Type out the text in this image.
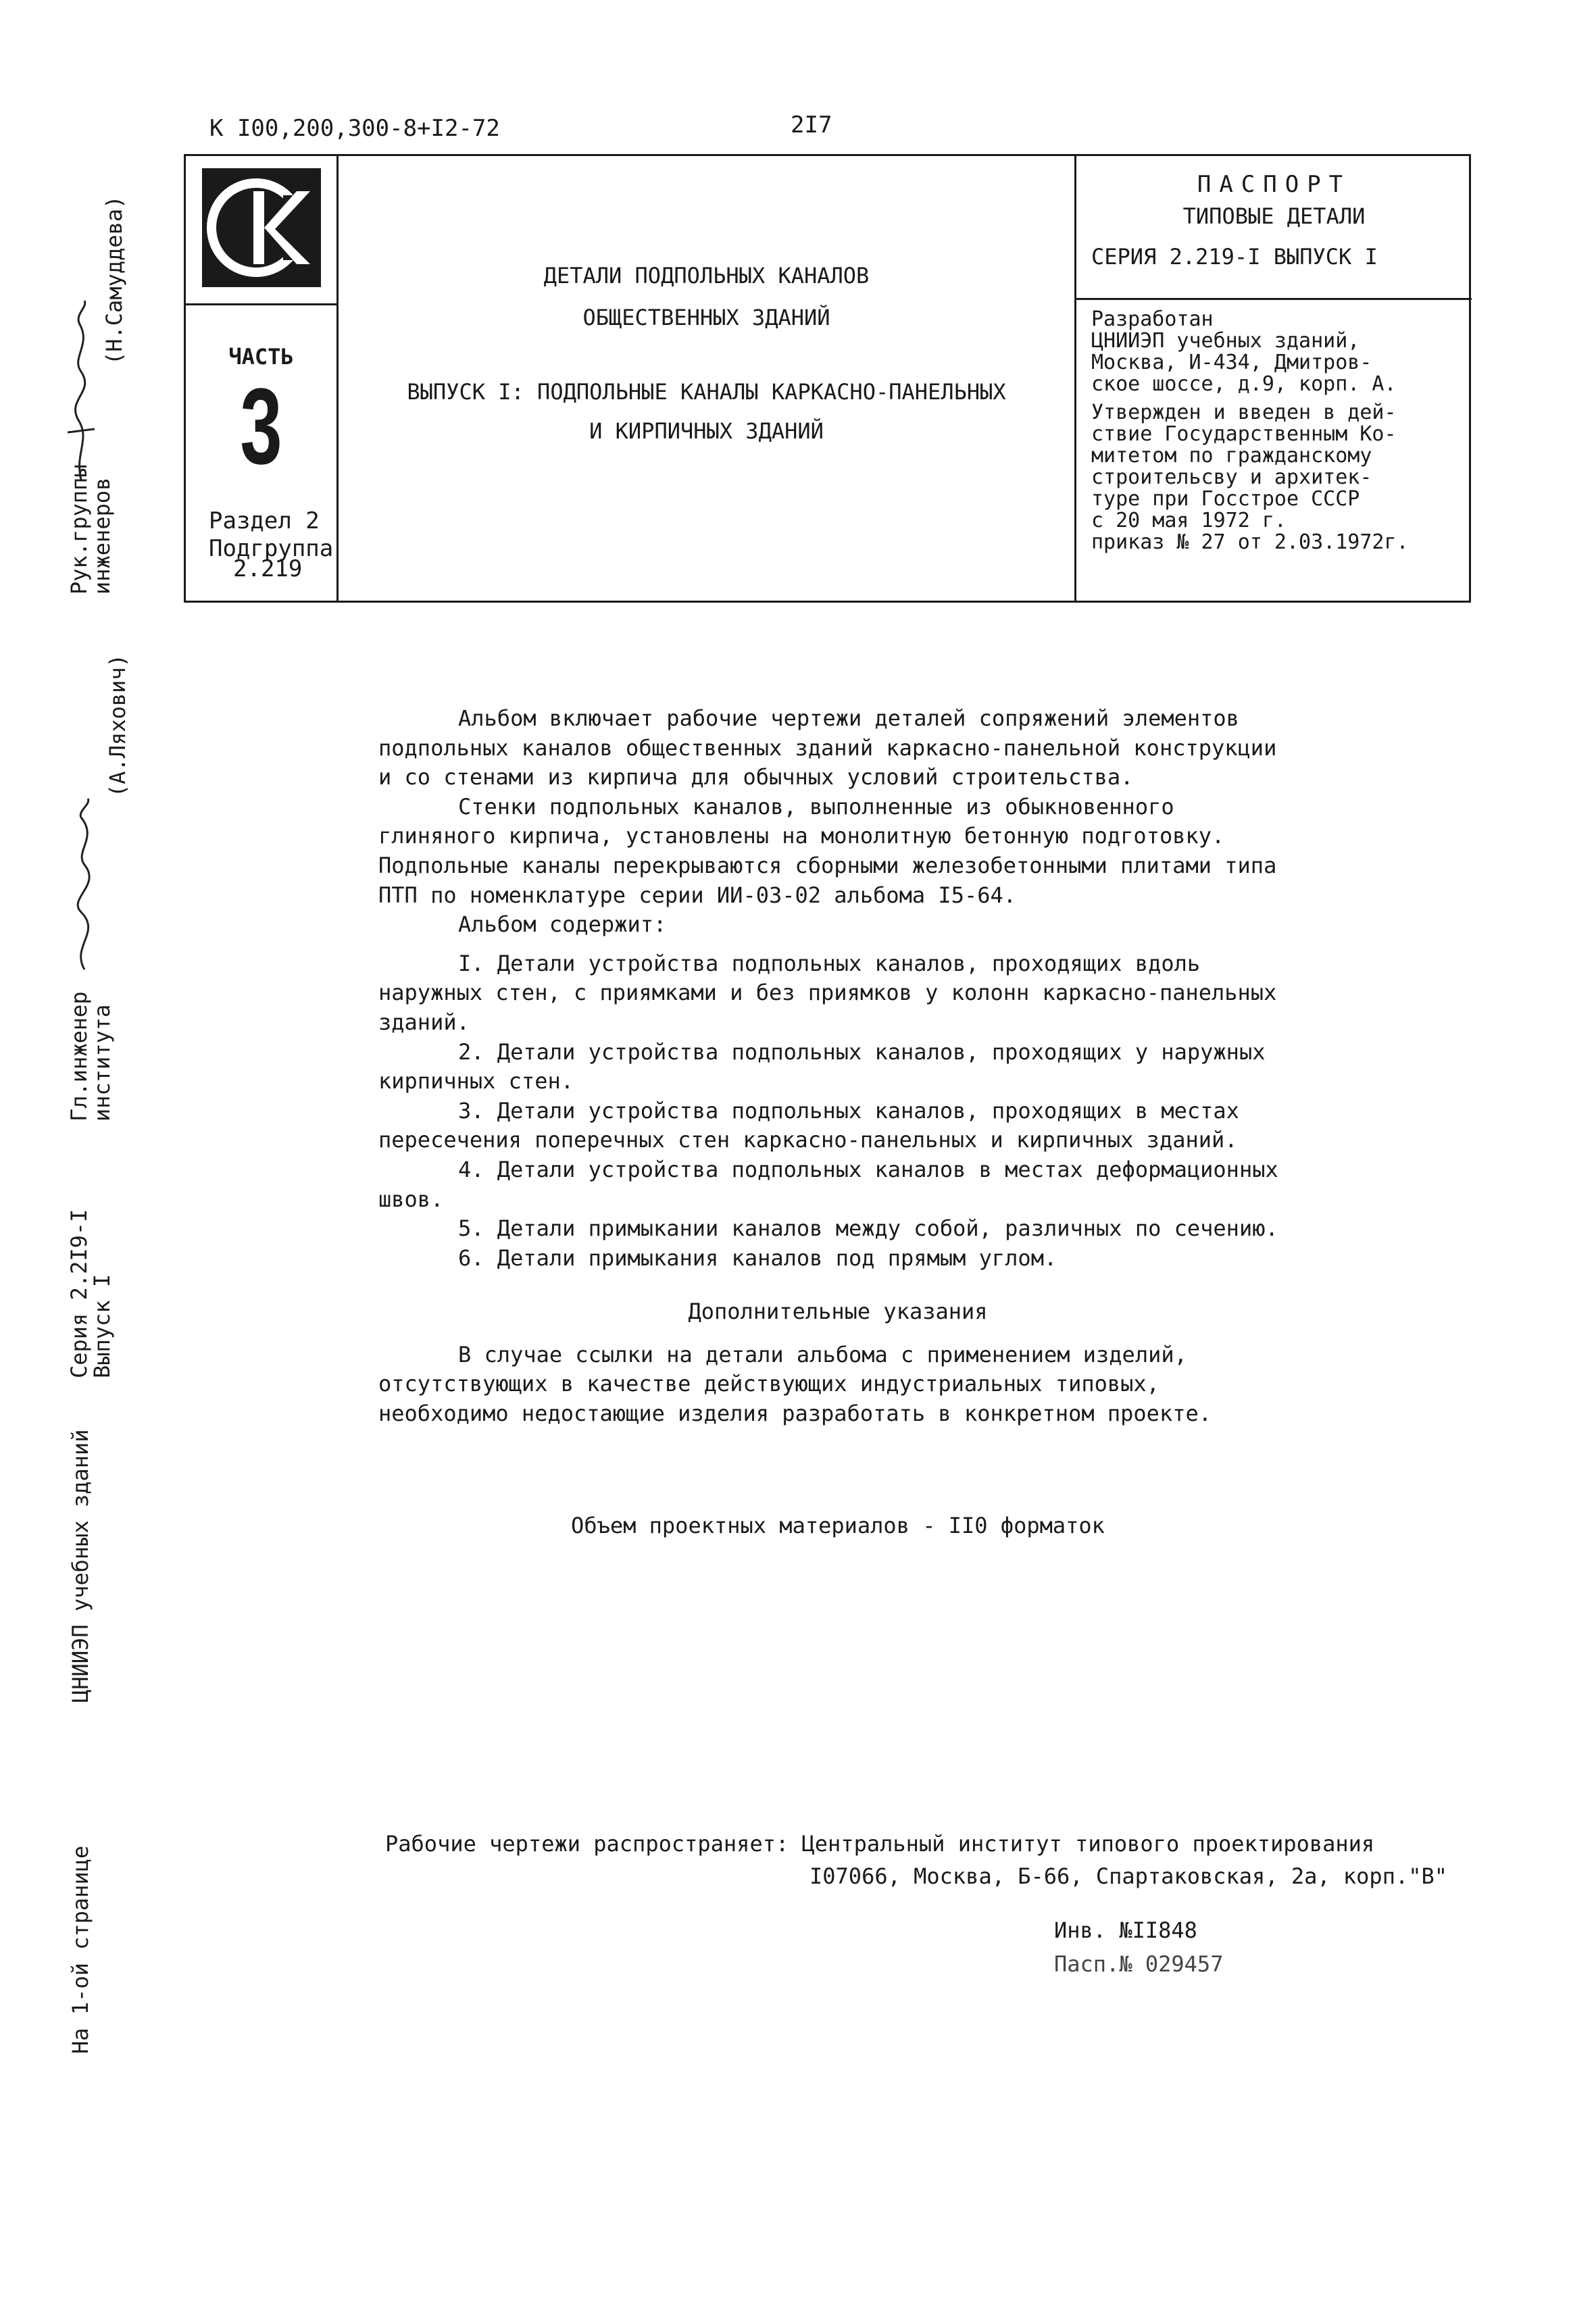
К I00,200,300-8+I2-72	2I7
ЧАСТЬ
3
Раздел 2
Подгруппа
2.219
ДЕТАЛИ ПОДПОЛЬНЫХ КАНАЛОВ
ОБЩЕСТВЕННЫХ ЗДАНИЙ
ВЫПУСК I: ПОДПОЛЬНЫЕ КАНАЛЫ КАРКАСНО-ПАНЕЛЬНЫХ
И КИРПИЧНЫХ ЗДАНИЙ
ПАСПОРТ
ТИПОВЫЕ ДЕТАЛИ
СЕРИЯ 2.219-I ВЫПУСК I
Разработан
ЦНИИЭП учебных зданий,
Москва, И-434, Дмитров-
ское шоссе, д.9, корп. А.
Утвержден и введен в дей-
ствие Государственным Ко-
митетом по гражданскому
строительсву и архитек-
туре при Госстрое СССР
с 20 мая 1972 г.
приказ № 27 от 2.03.1972г.
Рук.группы
инженеров
(Н.Самуддева)
Гл.инженер
института
(А.Ляхович)
Серия 2.2I9-I
Выпуск I
ЦНИИЭП учебных зданий
На 1-ой странице

Альбом включает рабочие чертежи деталей сопряжений элементов подпольных каналов общественных зданий каркасно-панельной конструкции и со стенами из кирпича для обычных условий строительства.

Стенки подпольных каналов, выполненные из обыкновенного глиняного кирпича, установлены на монолитную бетонную подготовку. Подпольные каналы перекрываются сборными железобетонными плитами типа ПТП по номенклатуре серии ИИ-03-02 альбома I5-64.

Альбом содержит:

I. Детали устройства подпольных каналов, проходящих вдоль наружных стен, с приямками и без приямков у колонн каркасно-панельных зданий.

2. Детали устройства подпольных каналов, проходящих у наружных кирпичных стен.

3. Детали устройства подпольных каналов, проходящих в местах пересечения поперечных стен каркасно-панельных и кирпичных зданий.

4. Детали устройства подпольных каналов в местах деформационных швов.

5. Детали примыкании каналов между собой, различных по сечению.

6. Детали примыкания каналов под прямым углом.

Дополнительные указания

В случае ссылки на детали альбома с применением изделий, отсутствующих в качестве действующих индустриальных типовых, необходимо недостающие изделия разработать в конкретном проекте.

Объем проектных материалов - II0 форматок

Рабочие чертежи распространяет: Центральный институт типового проектирования
I07066, Москва, Б-66, Спартаковская, 2а, корп."В"
Инв. №II848
Пасп.№ 029457
